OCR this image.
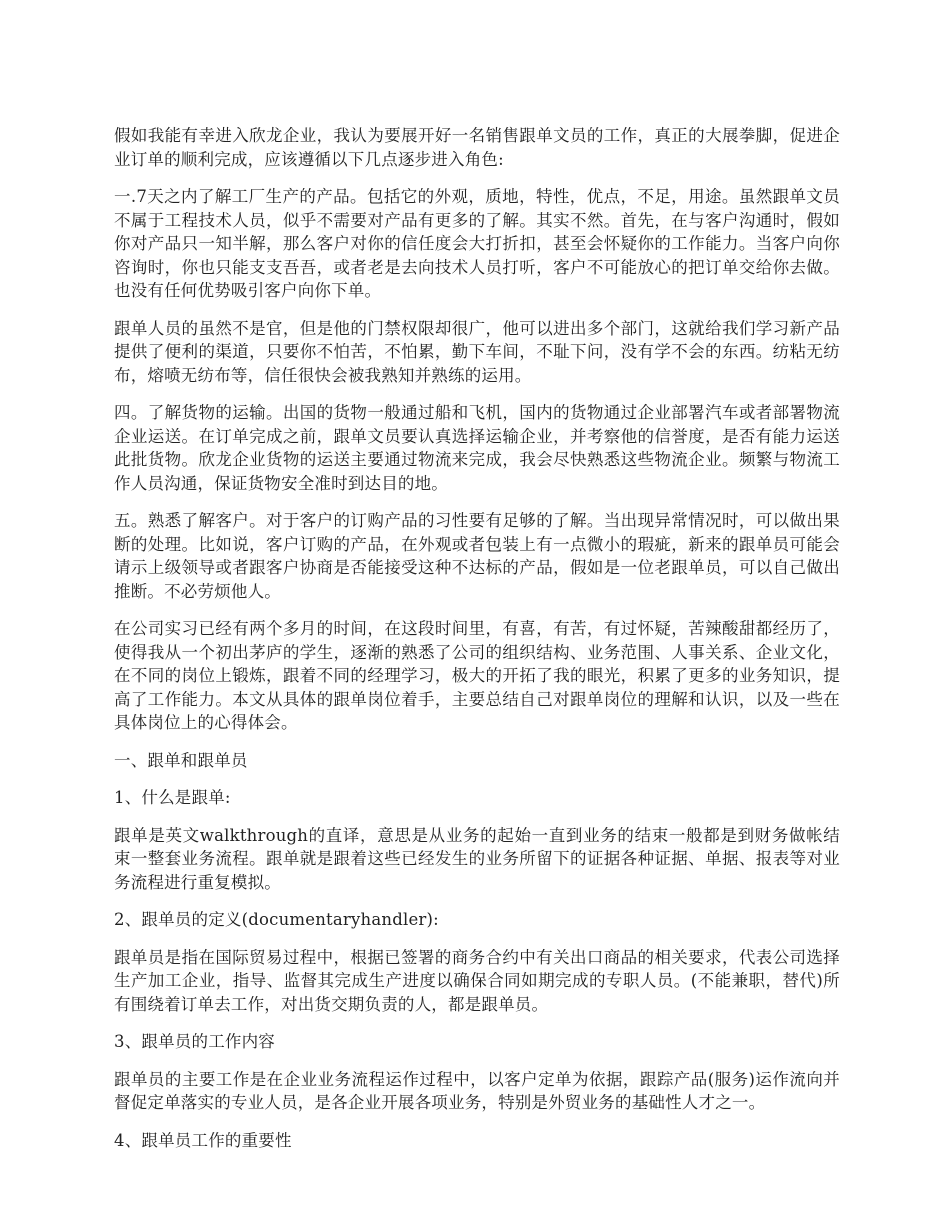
假如我能有幸进入欣龙企业，我认为要展开好一名销售跟单文员的工作，真正的大展拳脚，促进企业订单的顺利完成，应该遵循以下几点逐步进入角色:

一.7天之内了解工厂生产的产品。包括它的外观，质地，特性，优点，不足，用途。虽然跟单文员不属于工程技术人员，似乎不需要对产品有更多的了解。其实不然。首先，在与客户沟通时，假如你对产品只一知半解，那么客户对你的信任度会大打折扣，甚至会怀疑你的工作能力。当客户向你咨询时，你也只能支支吾吾，或者老是去向技术人员打听，客户不可能放心的把订单交给你去做。也没有任何优势吸引客户向你下单。

跟单人员的虽然不是官，但是他的门禁权限却很广，他可以进出多个部门，这就给我们学习新产品提供了便利的渠道，只要你不怕苦，不怕累，勤下车间，不耻下问，没有学不会的东西。纺粘无纺布，熔喷无纺布等，信任很快会被我熟知并熟练的运用。

四。了解货物的运输。出国的货物一般通过船和飞机，国内的货物通过企业部署汽车或者部署物流企业运送。在订单完成之前，跟单文员要认真选择运输企业，并考察他的信誉度，是否有能力运送此批货物。欣龙企业货物的运送主要通过物流来完成，我会尽快熟悉这些物流企业。频繁与物流工作人员沟通，保证货物安全准时到达目的地。

五。熟悉了解客户。对于客户的订购产品的习性要有足够的了解。当出现异常情况时，可以做出果断的处理。比如说，客户订购的产品，在外观或者包装上有一点微小的瑕疵，新来的跟单员可能会请示上级领导或者跟客户协商是否能接受这种不达标的产品，假如是一位老跟单员，可以自己做出推断。不必劳烦他人。

在公司实习已经有两个多月的时间，在这段时间里，有喜，有苦，有过怀疑，苦辣酸甜都经历了，使得我从一个初出茅庐的学生，逐渐的熟悉了公司的组织结构、业务范围、人事关系、企业文化，在不同的岗位上锻炼，跟着不同的经理学习，极大的开拓了我的眼光，积累了更多的业务知识，提高了工作能力。本文从具体的跟单岗位着手，主要总结自己对跟单岗位的理解和认识，以及一些在具体岗位上的心得体会。

一、跟单和跟单员

1、什么是跟单:

跟单是英文walkthrough的直译，意思是从业务的起始一直到业务的结束一般都是到财务做帐结束一整套业务流程。跟单就是跟着这些已经发生的业务所留下的证据各种证据、单据、报表等对业务流程进行重复模拟。

2、跟单员的定义(documentaryhandler):

跟单员是指在国际贸易过程中，根据已签署的商务合约中有关出口商品的相关要求，代表公司选择生产加工企业，指导、监督其完成生产进度以确保合同如期完成的专职人员。(不能兼职，替代)所有围绕着订单去工作，对出货交期负责的人，都是跟单员。

3、跟单员的工作内容

跟单员的主要工作是在企业业务流程运作过程中，以客户定单为依据，跟踪产品(服务)运作流向并督促定单落实的专业人员，是各企业开展各项业务，特别是外贸业务的基础性人才之一。

4、跟单员工作的重要性
